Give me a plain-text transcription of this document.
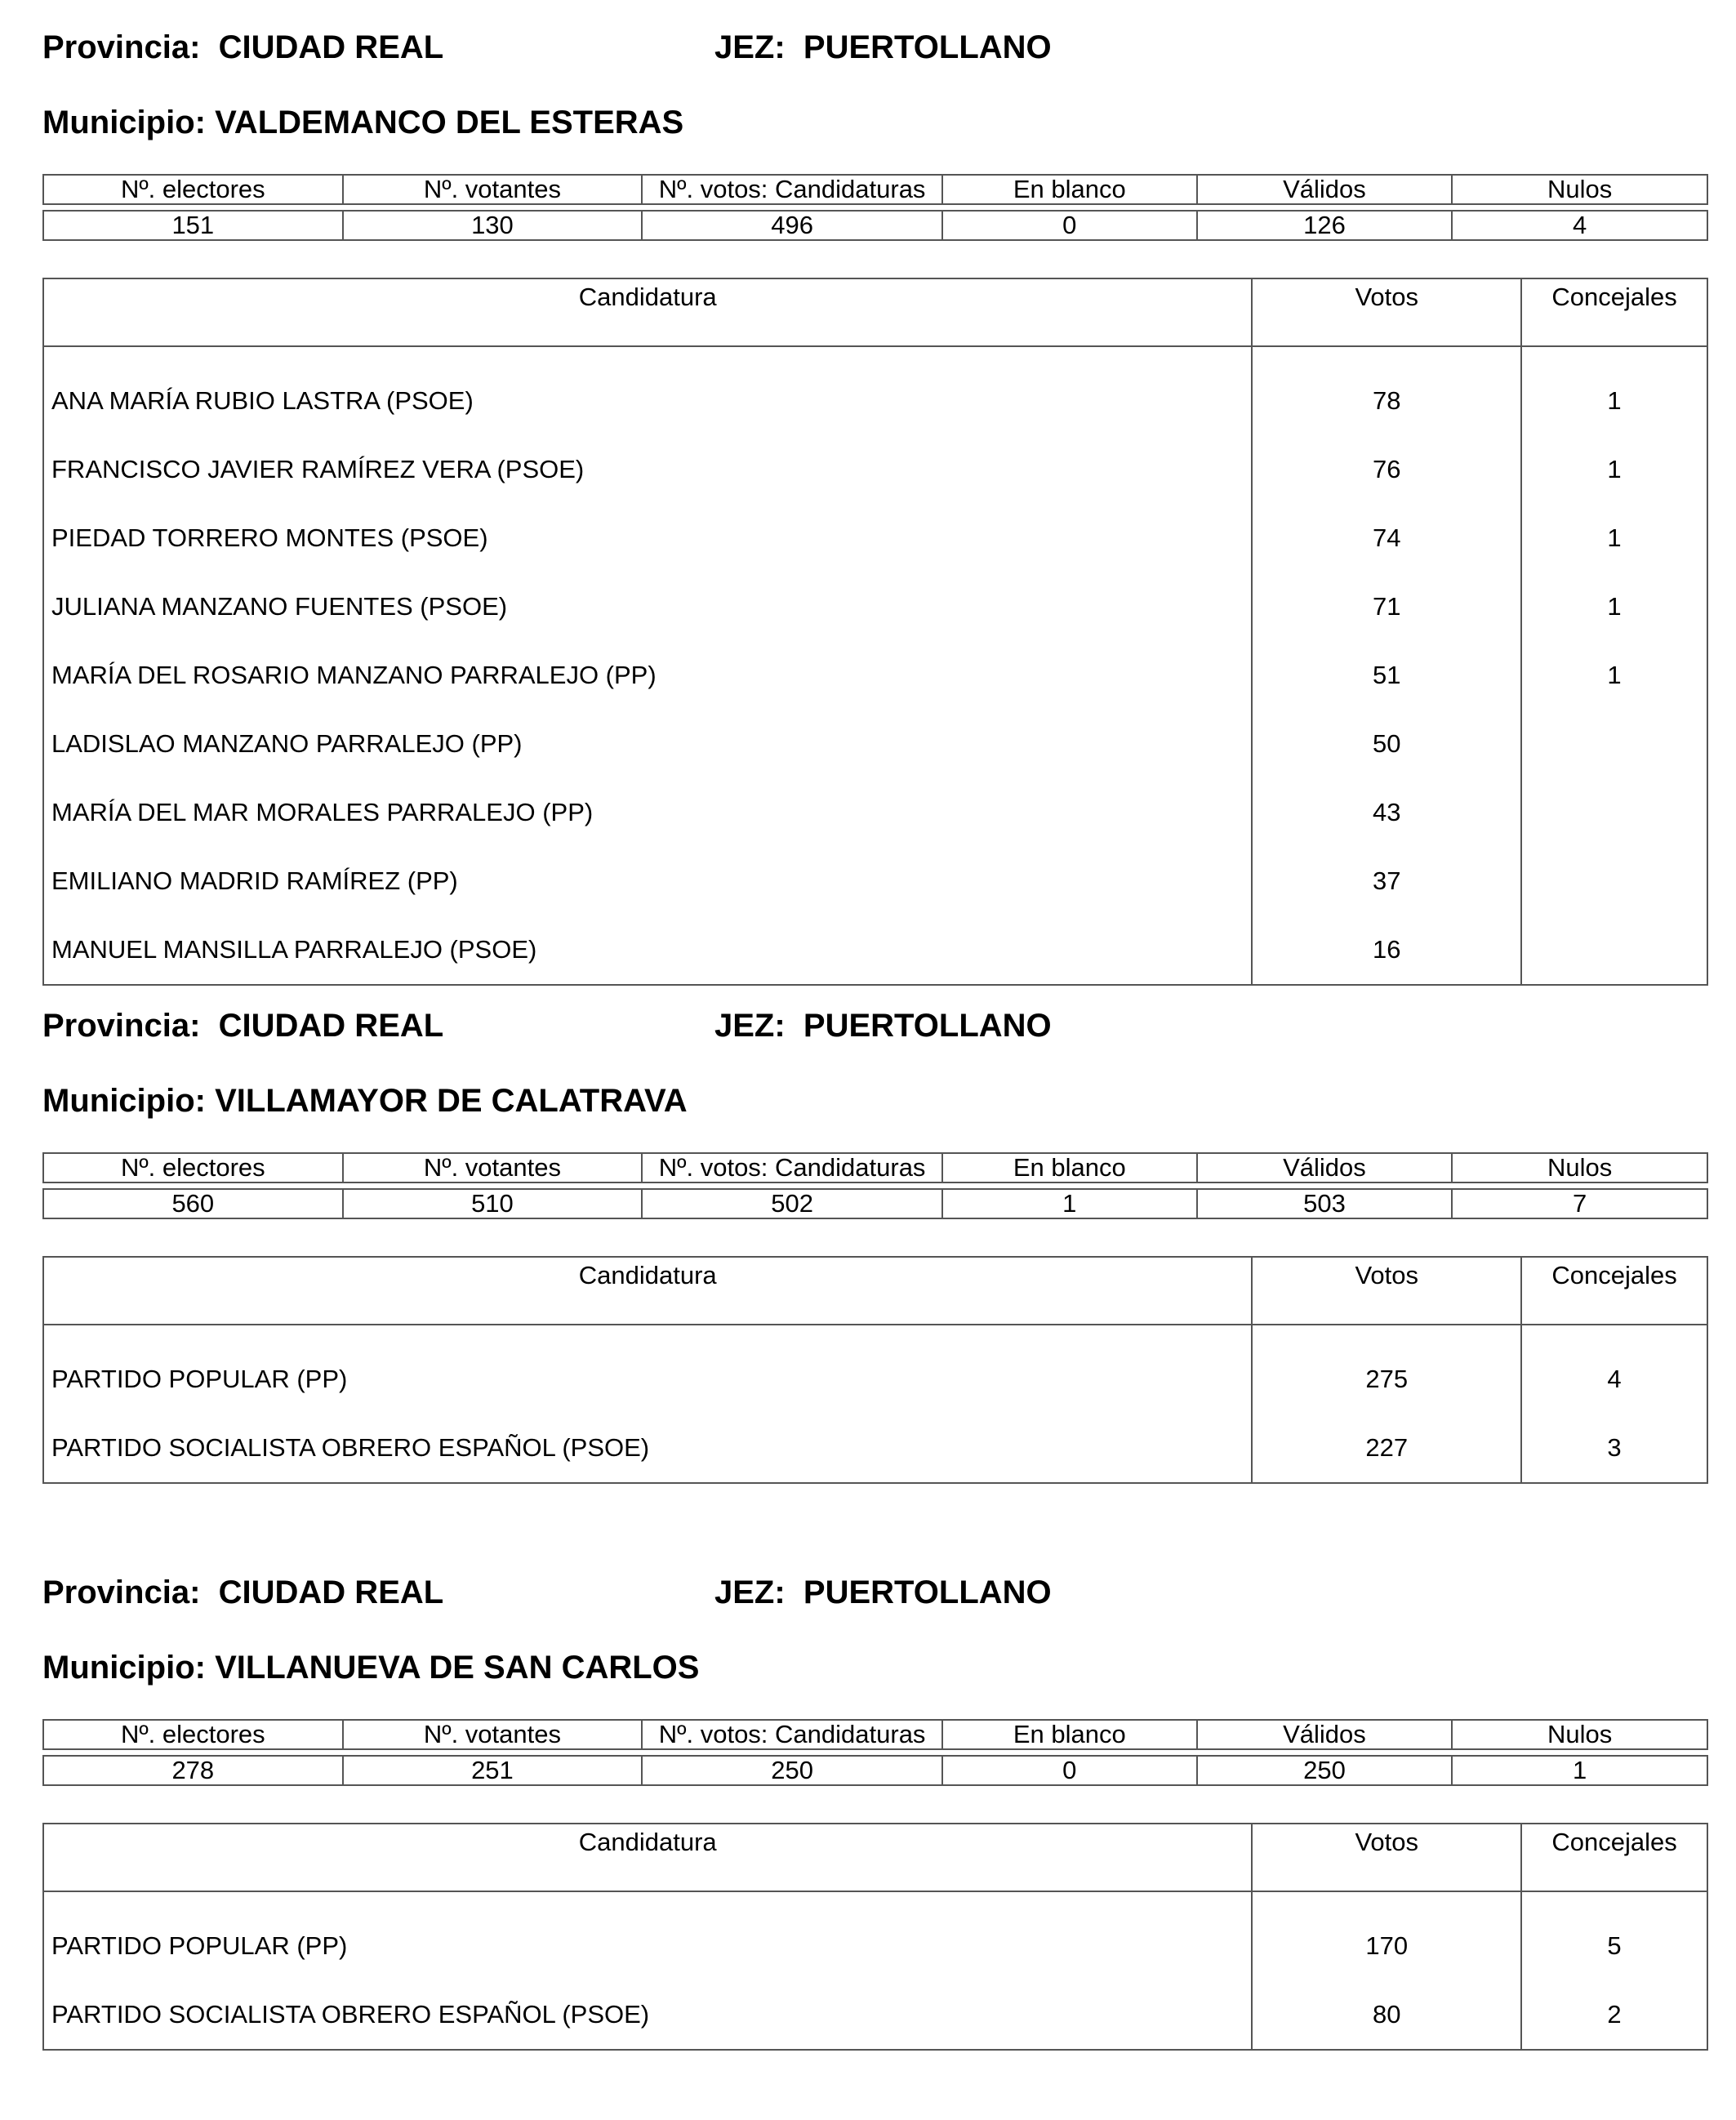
Provincia: CIUDAD REAL	JEZ: PUERTOLLANO
Municipio: VALDEMANCO DEL ESTERAS
Nº. electores	Nº. votantes	Nº. votos: Candidaturas	En blanco	Válidos	Nulos

151	130	496	0	126	4
Candidatura	Votos	Concejales

ANA MARÍA RUBIO LASTRA (PSOE)	78	1
FRANCISCO JAVIER RAMÍREZ VERA (PSOE)	76	1
PIEDAD TORRERO MONTES (PSOE)	74	1
JULIANA MANZANO FUENTES (PSOE)	71	1
MARÍA DEL ROSARIO MANZANO PARRALEJO (PP)	51	1
LADISLAO MANZANO PARRALEJO (PP)	50	
MARÍA DEL MAR MORALES PARRALEJO (PP)	43	
EMILIANO MADRID RAMÍREZ (PP)	37	
MANUEL MANSILLA PARRALEJO (PSOE)	16	
Provincia: CIUDAD REAL	JEZ: PUERTOLLANO
Municipio: VILLAMAYOR DE CALATRAVA
Nº. electores	Nº. votantes	Nº. votos: Candidaturas	En blanco	Válidos	Nulos

560	510	502	1	503	7
Candidatura	Votos	Concejales

PARTIDO POPULAR (PP)	275	4
PARTIDO SOCIALISTA OBRERO ESPAÑOL (PSOE)	227	3
Provincia: CIUDAD REAL	JEZ: PUERTOLLANO
Municipio: VILLANUEVA DE SAN CARLOS
Nº. electores	Nº. votantes	Nº. votos: Candidaturas	En blanco	Válidos	Nulos

278	251	250	0	250	1
Candidatura	Votos	Concejales

PARTIDO POPULAR (PP)	170	5
PARTIDO SOCIALISTA OBRERO ESPAÑOL (PSOE)	80	2
